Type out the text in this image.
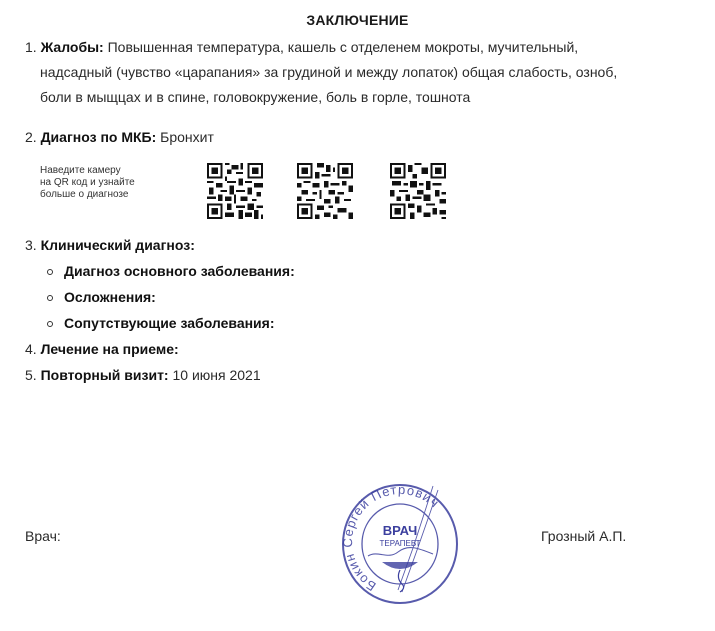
ЗАКЛЮЧЕНИЕ
1. Жалобы: Повышенная температура, кашель с отделенем мокроты, мучительный,
надсадный (чувство «царапания» за грудиной и между лопаток) общая слабость, озноб,
боли в мыщцах и в спине, головокружение, боль в горле, тошнота
2. Диагноз по МКБ: Бронхит
Наведите камеру
на QR код и узнайте
больше о диагнозе
3. Клинический диагноз:
Диагноз основного заболевания:
Осложнения:
Сопутствующие заболевания:
4. Лечение на приеме:
5. Повторный визит: 10 июня 2021
Врач:	Грозный А.П.
Бокин Сергей Петрович
ВРАЧ
ТЕРАПЕВТ
